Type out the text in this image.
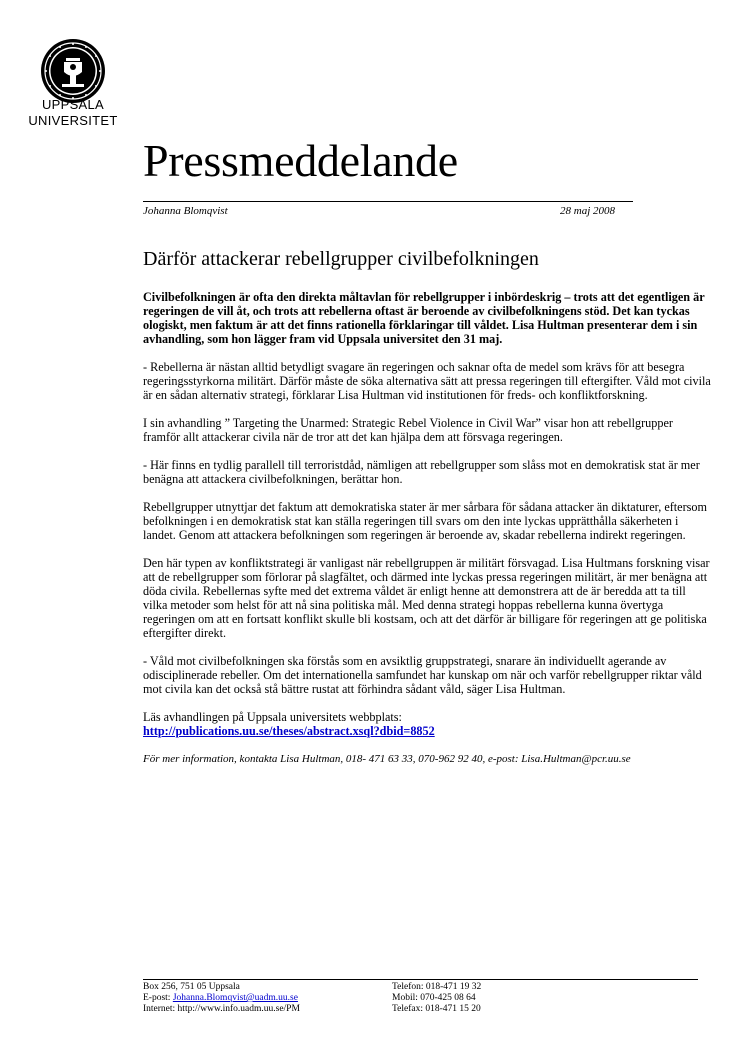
UPPSALA
UNIVERSITET
Pressmeddelande
Johanna Blomqvist	28 maj 2008
Därför attackerar rebellgrupper civilbefolkningen

Civilbefolkningen är ofta den direkta måltavlan för rebellgrupper i inbördeskrig – trots att det egentligen är regeringen de vill åt, och trots att rebellerna oftast är beroende av civilbefolkningens stöd. Det kan tyckas ologiskt, men faktum är att det finns rationella förklaringar till våldet. Lisa Hultman presenterar dem i sin avhandling, som hon lägger fram vid Uppsala universitet den 31 maj.

- Rebellerna är nästan alltid betydligt svagare än regeringen och saknar ofta de medel som krävs för att besegra regeringsstyrkorna militärt. Därför måste de söka alternativa sätt att pressa regeringen till eftergifter. Våld mot civila är en sådan alternativ strategi, förklarar Lisa Hultman vid institutionen för freds- och konfliktforskning.

I sin avhandling ” Targeting the Unarmed: Strategic Rebel Violence in Civil War” visar hon att rebellgrupper framför allt attackerar civila när de tror att det kan hjälpa dem att försvaga regeringen.

- Här finns en tydlig parallell till terroristdåd, nämligen att rebellgrupper som slåss mot en demokratisk stat är mer benägna att attackera civilbefolkningen, berättar hon.

Rebellgrupper utnyttjar det faktum att demokratiska stater är mer sårbara för sådana attacker än diktaturer, eftersom befolkningen i en demokratisk stat kan ställa regeringen till svars om den inte lyckas upprätthålla säkerheten i landet. Genom att attackera befolkningen som regeringen är beroende av, skadar rebellerna indirekt regeringen.

Den här typen av konfliktstrategi är vanligast när rebellgruppen är militärt försvagad. Lisa Hultmans forskning visar att de rebellgrupper som förlorar på slagfältet, och därmed inte lyckas pressa regeringen militärt, är mer benägna att döda civila. Rebellernas syfte med det extrema våldet är enligt henne att demonstrera att de är beredda att ta till vilka metoder som helst för att nå sina politiska mål. Med denna strategi hoppas rebellerna kunna övertyga regeringen om att en fortsatt konflikt skulle bli kostsam, och att det därför är billigare för regeringen att ge politiska eftergifter direkt.

- Våld mot civilbefolkningen ska förstås som en avsiktlig gruppstrategi, snarare än individuellt agerande av odisciplinerade rebeller. Om det internationella samfundet har kunskap om när och varför rebellgrupper riktar våld mot civila kan det också stå bättre rustat att förhindra sådant våld, säger Lisa Hultman.

Läs avhandlingen på Uppsala universitets webbplats:
http://publications.uu.se/theses/abstract.xsql?dbid=8852

För mer information, kontakta Lisa Hultman, 018- 471 63 33, 070-962 92 40, e-post: Lisa.Hultman@pcr.uu.se

Box 256, 751 05 Uppsala
E-post: Johanna.Blomqvist@uadm.uu.se
Internet: http://www.info.uadm.uu.se/PM
Telefon: 018-471 19 32
Mobil: 070-425 08 64
Telefax: 018-471 15 20
